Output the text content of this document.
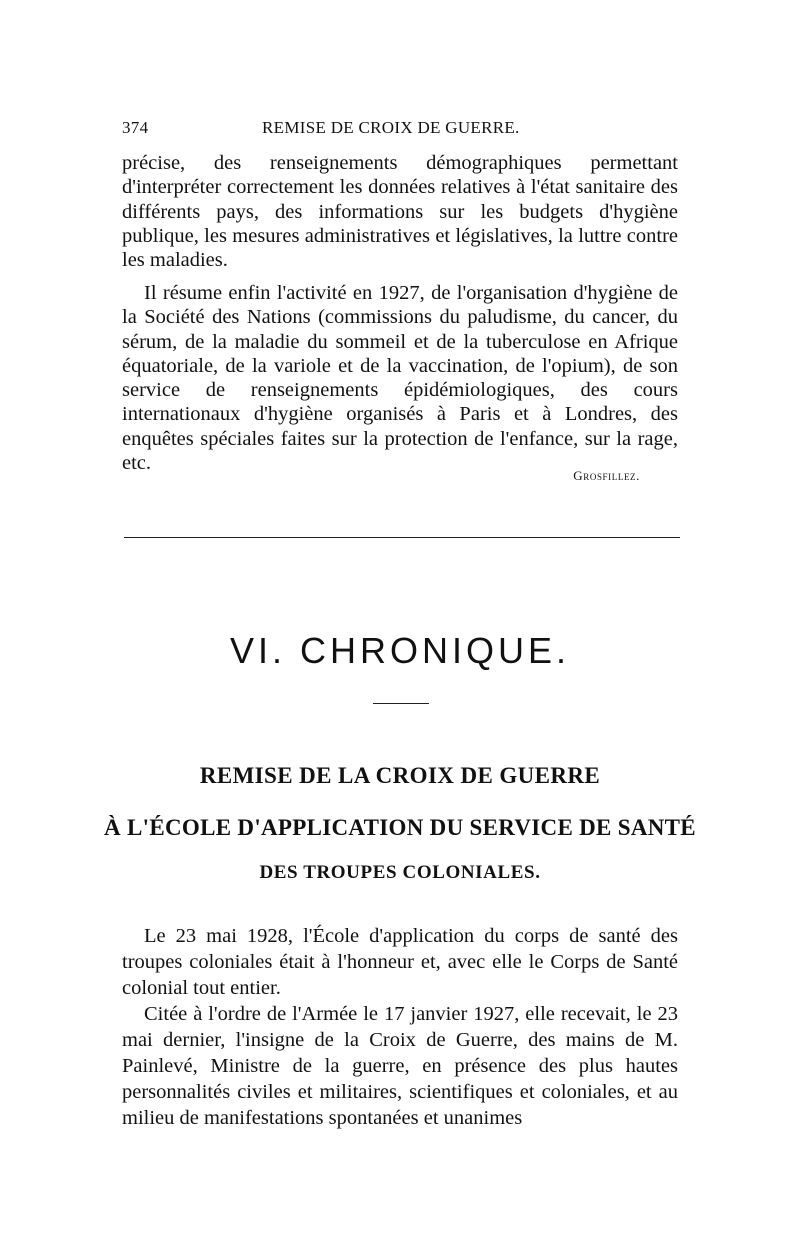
374	REMISE DE CROIX DE GUERRE.

précise, des renseignements démographiques permettant d'interpréter correctement les données relatives à l'état sanitaire des différents pays, des informations sur les budgets d'hygiène publique, les mesures administratives et législatives, la luttre contre les maladies.

Il résume enfin l'activité en 1927, de l'organisation d'hygiène de la Société des Nations (commissions du paludisme, du cancer, du sérum, de la maladie du sommeil et de la tuberculose en Afrique équatoriale, de la variole et de la vaccination, de l'opium), de son service de renseignements épidémiologiques, des cours internationaux d'hygiène organisés à Paris et à Londres, des enquêtes spéciales faites sur la protection de l'enfance, sur la rage, etc.

Grosfillez.
VI. CHRONIQUE.
REMISE DE LA CROIX DE GUERRE
À L'ÉCOLE D'APPLICATION DU SERVICE DE SANTÉ
DES TROUPES COLONIALES.

Le 23 mai 1928, l'École d'application du corps de santé des troupes coloniales était à l'honneur et, avec elle le Corps de Santé colonial tout entier.

Citée à l'ordre de l'Armée le 17 janvier 1927, elle recevait, le 23 mai dernier, l'insigne de la Croix de Guerre, des mains de M. Painlevé, Ministre de la guerre, en présence des plus hautes personnalités civiles et militaires, scientifiques et coloniales, et au milieu de manifestations spontanées et unanimes
